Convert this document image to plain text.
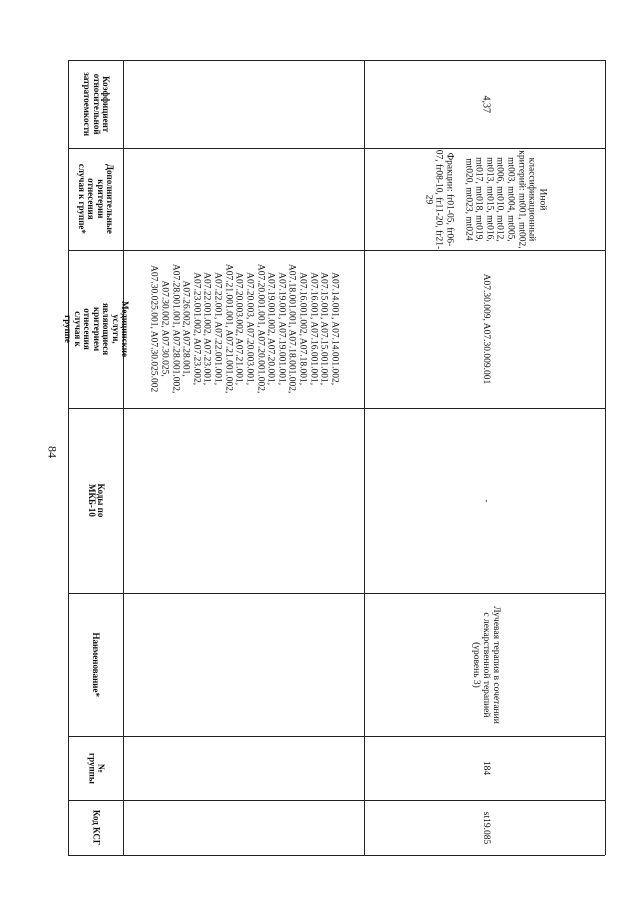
84
Коэффициент относительной затратоемкости
Дополнительные критерии отнесения случая к группе*
Медицинские услуги, являющиеся критерием отнесения случая к группе
Коды по МКБ-10
Наименование*
№ группы
Код КСГ
A07.14.001, A07.14.001.002, A07.15.001, A07.15.001.001, A07.16.001, A07.16.001.001, A07.16.001.002, A07.18.001, A07.18.001.001, A07.18.001.002, A07.19.001, A07.19.001.001, A07.19.001.002, A07.20.001, A07.20.001.001, A07.20.001.002, A07.20.003, A07.20.003.001, A07.20.003.002, A07.21.001, A07.21.001.001, A07.21.001.002, A07.22.001, A07.22.001.001, A07.22.001.002, A07.23.001, A07.23.001.002, A07.23.002, A07.26.002, A07.28.001, A07.28.001.001, A07.28.001.002, A07.30.002, A07.30.025, A07.30.025.001, A07.30.025.002
4,37
Иной классификационный критерий: mt001, mt002, mt003, mt004, mt005, mt006, mt010, mt012, mt013, mt015, mt016, mt017, mt018, mt019, mt020, mt023, mt024
Фракции: fr01-05, fr06-07, fr08-10, fr11-20, fr21-29
A07.30.009, A07.30.009.001
-
Лучевая терапия в сочетании с лекарственной терапией (уровень 3)
184
st19.085
